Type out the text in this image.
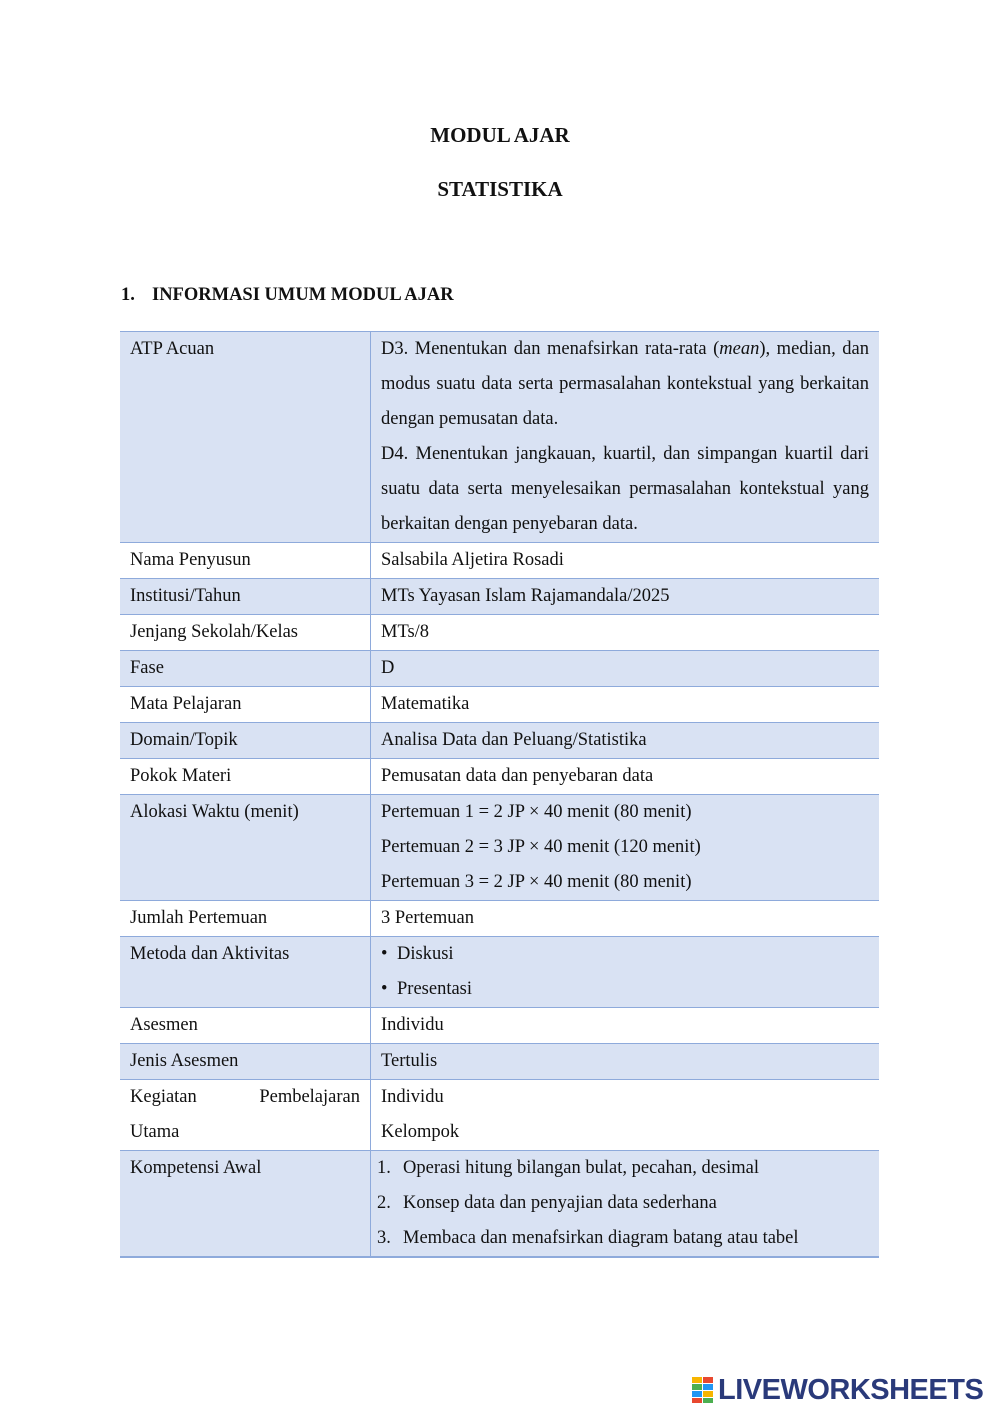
MODUL AJAR
STATISTIKA
1. INFORMASI UMUM MODUL AJAR
ATP Acuan	D3. Menentukan dan menafsirkan rata-rata (mean), median, dan modus suatu data serta permasalahan kontekstual yang berkaitan dengan pemusatan data.
D4. Menentukan jangkauan, kuartil, dan simpangan kuartil dari suatu data serta menyelesaikan permasalahan kontekstual yang berkaitan dengan penyebaran data.

Nama Penyusun	Salsabila Aljetira Rosadi
Institusi/Tahun	MTs Yayasan Islam Rajamandala/2025
Jenjang Sekolah/Kelas	MTs/8
Fase	D
Mata Pelajaran	Matematika
Domain/Topik	Analisa Data dan Peluang/Statistika
Pokok Materi	Pemusatan data dan penyebaran data
Alokasi Waktu (menit)	Pertemuan 1 = 2 JP × 40 menit (80 menit)
Pertemuan 2 = 3 JP × 40 menit (120 menit)
Pertemuan 3 = 2 JP × 40 menit (80 menit)

Jumlah Pertemuan	3 Pertemuan
Metoda dan Aktivitas	• Diskusi
• Presentasi

Asesmen	Individu
Jenis Asesmen	Tertulis

Kegiatan Pembelajaran
Utama	Individu
Kelompok

Kompetensi Awal	1. Operasi hitung bilangan bulat, pecahan, desimal
2. Konsep data dan penyajian data sederhana
3. Membaca dan menafsirkan diagram batang atau tabel
LIVEWORKSHEETS
